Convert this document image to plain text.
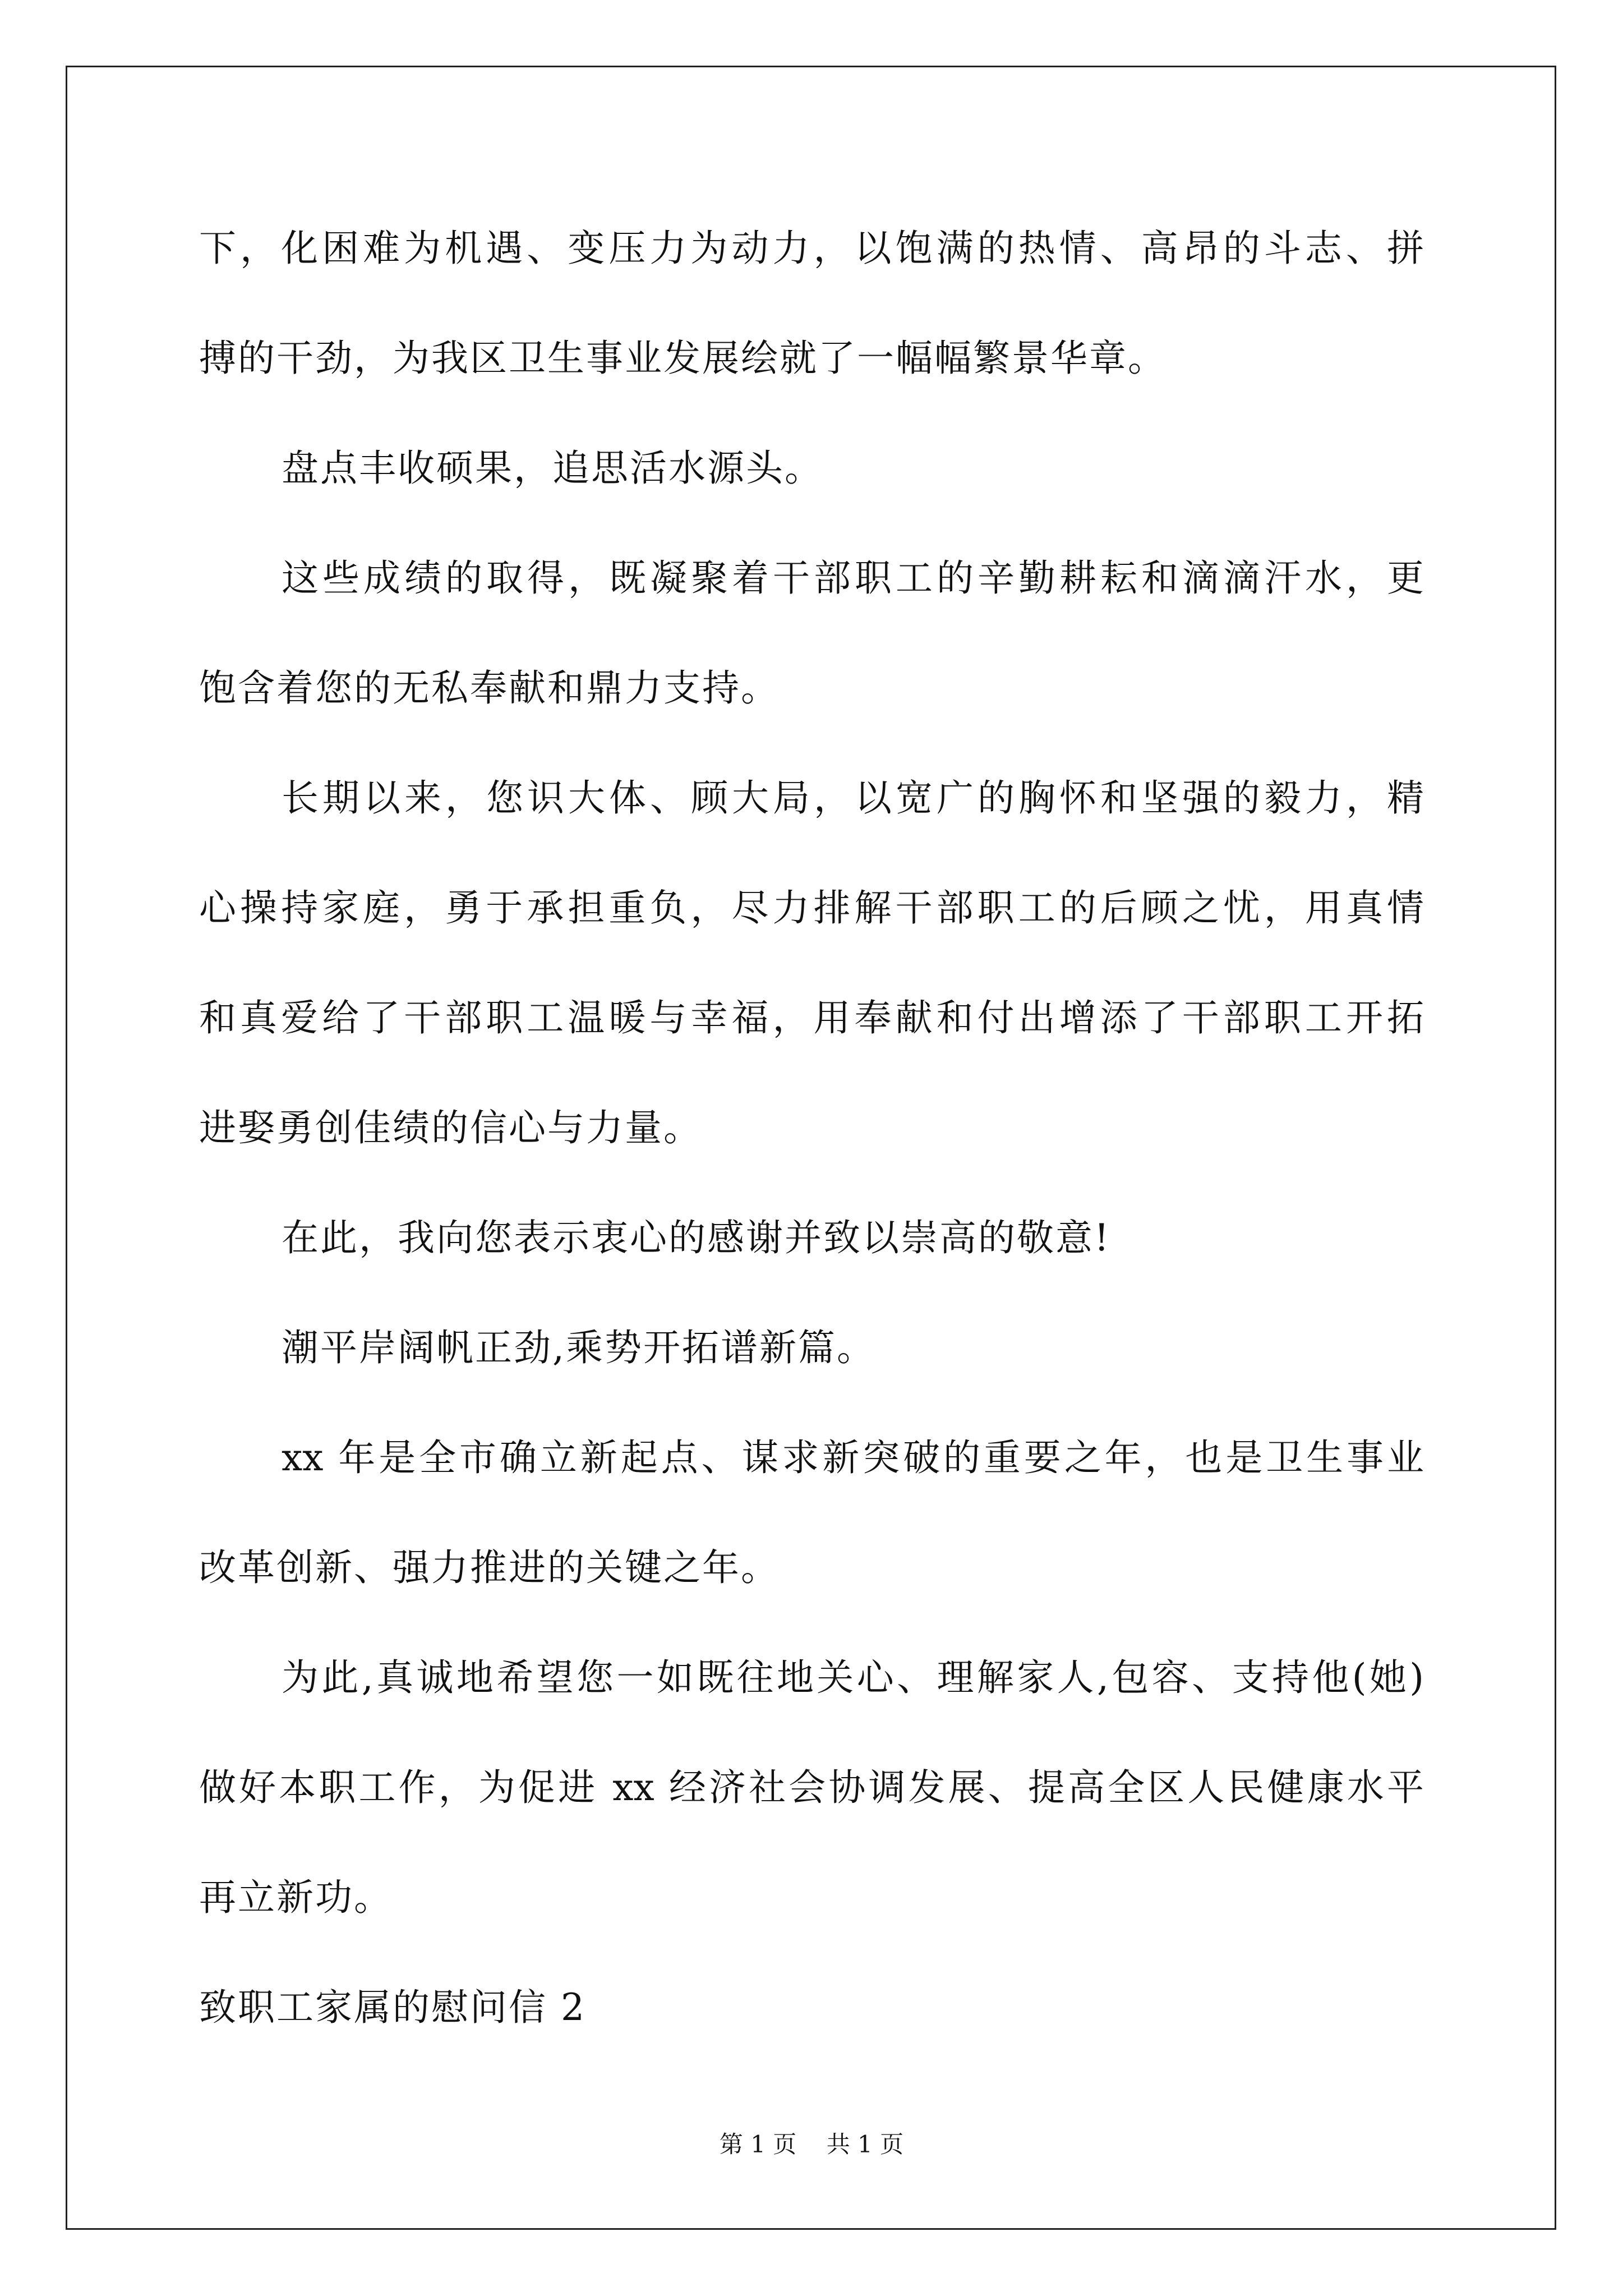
下，化困难为机遇、变压力为动力，以饱满的热情、高昂的斗志、拼
搏的干劲，为我区卫生事业发展绘就了一幅幅繁景华章。
盘点丰收硕果，追思活水源头。
这些成绩的取得，既凝聚着干部职工的辛勤耕耘和滴滴汗水，更
饱含着您的无私奉献和鼎力支持。
长期以来，您识大体、顾大局，以宽广的胸怀和坚强的毅力，精
心操持家庭，勇于承担重负，尽力排解干部职工的后顾之忧，用真情
和真爱给了干部职工温暖与幸福，用奉献和付出增添了干部职工开拓
进娶勇创佳绩的信心与力量。
在此，我向您表示衷心的感谢并致以崇高的敬意!
潮平岸阔帆正劲,乘势开拓谱新篇。
xx 年是全市确立新起点、谋求新突破的重要之年，也是卫生事业
改革创新、强力推进的关键之年。
为此,真诚地希望您一如既往地关心、理解家人,包容、支持他(她)
做好本职工作，为促进 xx 经济社会协调发展、提高全区人民健康水平
再立新功。
致职工家属的慰问信 2
第 1 页    共 1 页
